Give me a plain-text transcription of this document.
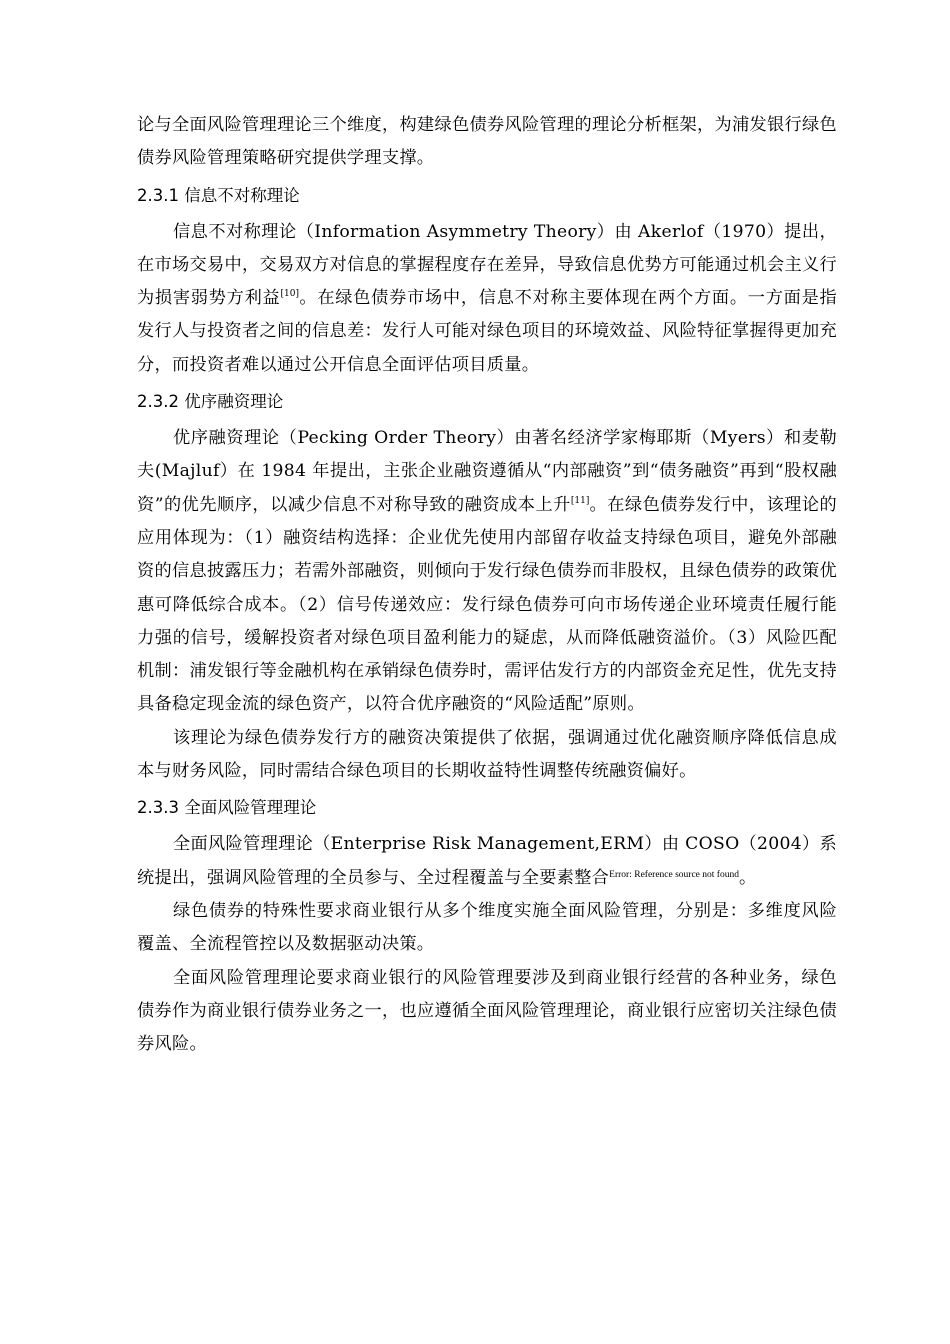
论与全面风险管理理论三个维度，构建绿色债券风险管理的理论分析框架，为浦发银行绿色债券风险管理策略研究提供学理支撑。

2.3.1 信息不对称理论

信息不对称理论（Information Asymmetry Theory）由 Akerlof（1970）提出，在市场交易中，交易双方对信息的掌握程度存在差异，导致信息优势方可能通过机会主义行为损害弱势方利益[10]。在绿色债券市场中，信息不对称主要体现在两个方面。一方面是指发行人与投资者之间的信息差：发行人可能对绿色项目的环境效益、风险特征掌握得更加充分，而投资者难以通过公开信息全面评估项目质量。

2.3.2 优序融资理论

优序融资理论（Pecking Order Theory）由著名经济学家梅耶斯（Myers）和麦勒夫(Majluf）在 1984 年提出，主张企业融资遵循从“内部融资”到“债务融资”再到“股权融资”的优先顺序，以减少信息不对称导致的融资成本上升[11]。在绿色债券发行中，该理论的应用体现为：（1）融资结构选择：企业优先使用内部留存收益支持绿色项目，避免外部融资的信息披露压力；若需外部融资，则倾向于发行绿色债券而非股权，且绿色债券的政策优惠可降低综合成本。（2）信号传递效应：发行绿色债券可向市场传递企业环境责任履行能力强的信号，缓解投资者对绿色项目盈利能力的疑虑，从而降低融资溢价。（3）风险匹配机制：浦发银行等金融机构在承销绿色债券时，需评估发行方的内部资金充足性，优先支持具备稳定现金流的绿色资产，以符合优序融资的“风险适配”原则。

该理论为绿色债券发行方的融资决策提供了依据，强调通过优化融资顺序降低信息成本与财务风险，同时需结合绿色项目的长期收益特性调整传统融资偏好。

2.3.3 全面风险管理理论

全面风险管理理论（Enterprise Risk Management,ERM）由 COSO（2004）系统提出，强调风险管理的全员参与、全过程覆盖与全要素整合$^{Error: Reference source not found}$。

绿色债券的特殊性要求商业银行从多个维度实施全面风险管理，分别是：多维度风险覆盖、全流程管控以及数据驱动决策。

全面风险管理理论要求商业银行的风险管理要涉及到商业银行经营的各种业务，绿色债券作为商业银行债券业务之一，也应遵循全面风险管理理论，商业银行应密切关注绿色债券风险。
